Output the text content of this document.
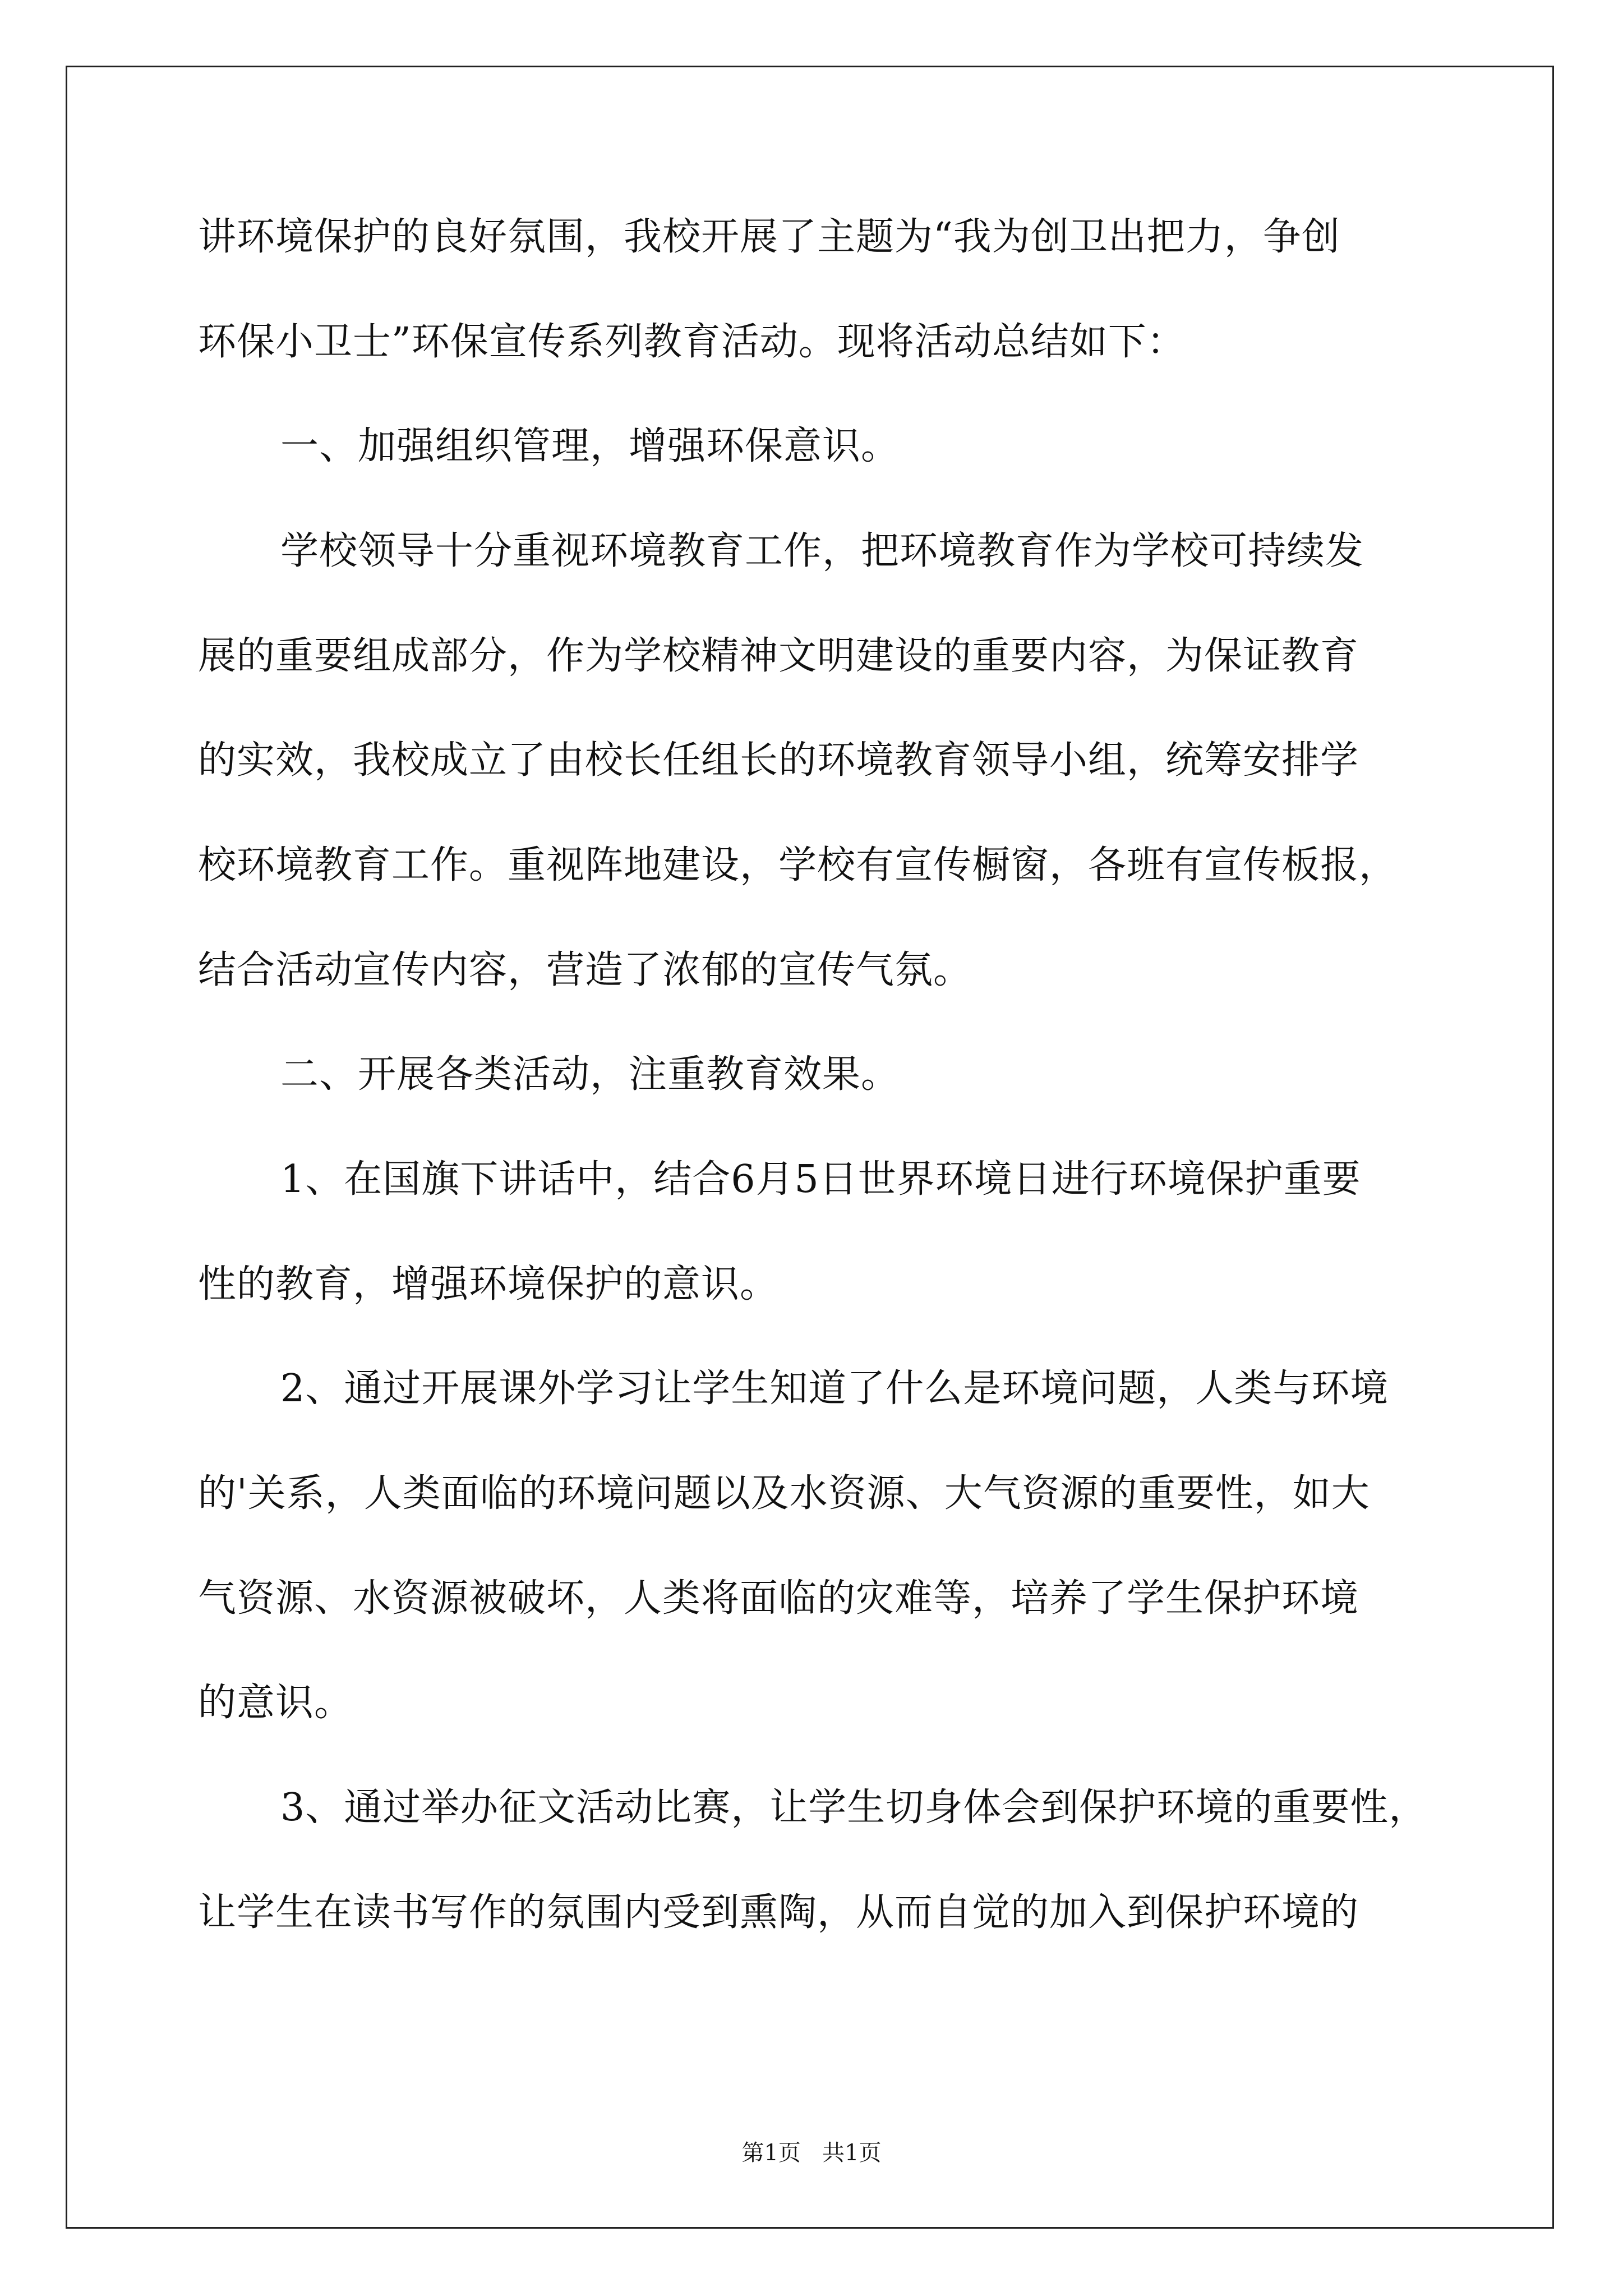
讲环境保护的良好氛围，我校开展了主题为“我为创卫出把力，争创
环保小卫士”环保宣传系列教育活动。现将活动总结如下：
一、加强组织管理，增强环保意识。
学校领导十分重视环境教育工作，把环境教育作为学校可持续发
展的重要组成部分，作为学校精神文明建设的重要内容，为保证教育
的实效，我校成立了由校长任组长的环境教育领导小组，统筹安排学
校环境教育工作。重视阵地建设，学校有宣传橱窗，各班有宣传板报，
结合活动宣传内容，营造了浓郁的宣传气氛。
二、开展各类活动，注重教育效果。
1、在国旗下讲话中，结合6月5日世界环境日进行环境保护重要
性的教育，增强环境保护的意识。
2、通过开展课外学习让学生知道了什么是环境问题，人类与环境
的'关系，人类面临的环境问题以及水资源、大气资源的重要性，如大
气资源、水资源被破坏，人类将面临的灾难等，培养了学生保护环境
的意识。
3、通过举办征文活动比赛，让学生切身体会到保护环境的重要性，
让学生在读书写作的氛围内受到熏陶，从而自觉的加入到保护环境的
第1页   共1页
